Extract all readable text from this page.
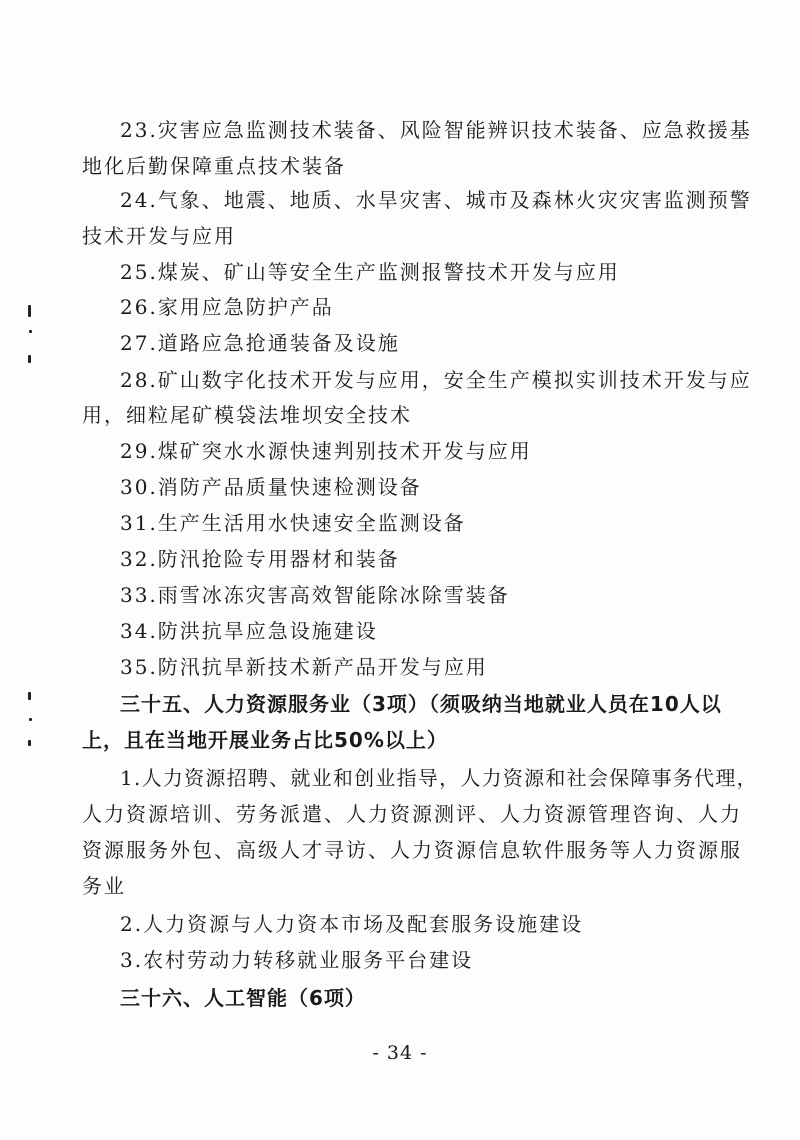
23.灾害应急监测技术装备、风险智能辨识技术装备、应急救援基
地化后勤保障重点技术装备
24.气象、地震、地质、水旱灾害、城市及森林火灾灾害监测预警
技术开发与应用
25.煤炭、矿山等安全生产监测报警技术开发与应用
26.家用应急防护产品
27.道路应急抢通装备及设施
28.矿山数字化技术开发与应用，安全生产模拟实训技术开发与应
用，细粒尾矿模袋法堆坝安全技术
29.煤矿突水水源快速判别技术开发与应用
30.消防产品质量快速检测设备
31.生产生活用水快速安全监测设备
32.防汛抢险专用器材和装备
33.雨雪冰冻灾害高效智能除冰除雪装备
34.防洪抗旱应急设施建设
35.防汛抗旱新技术新产品开发与应用
三十五、人力资源服务业（3项）（须吸纳当地就业人员在10人以
上，且在当地开展业务占比50%以上）
1.人力资源招聘、就业和创业指导，人力资源和社会保障事务代理，
人力资源培训、劳务派遣、人力资源测评、人力资源管理咨询、人力
资源服务外包、高级人才寻访、人力资源信息软件服务等人力资源服
务业
2.人力资源与人力资本市场及配套服务设施建设
3.农村劳动力转移就业服务平台建设
三十六、人工智能（6项）
- 34 -
